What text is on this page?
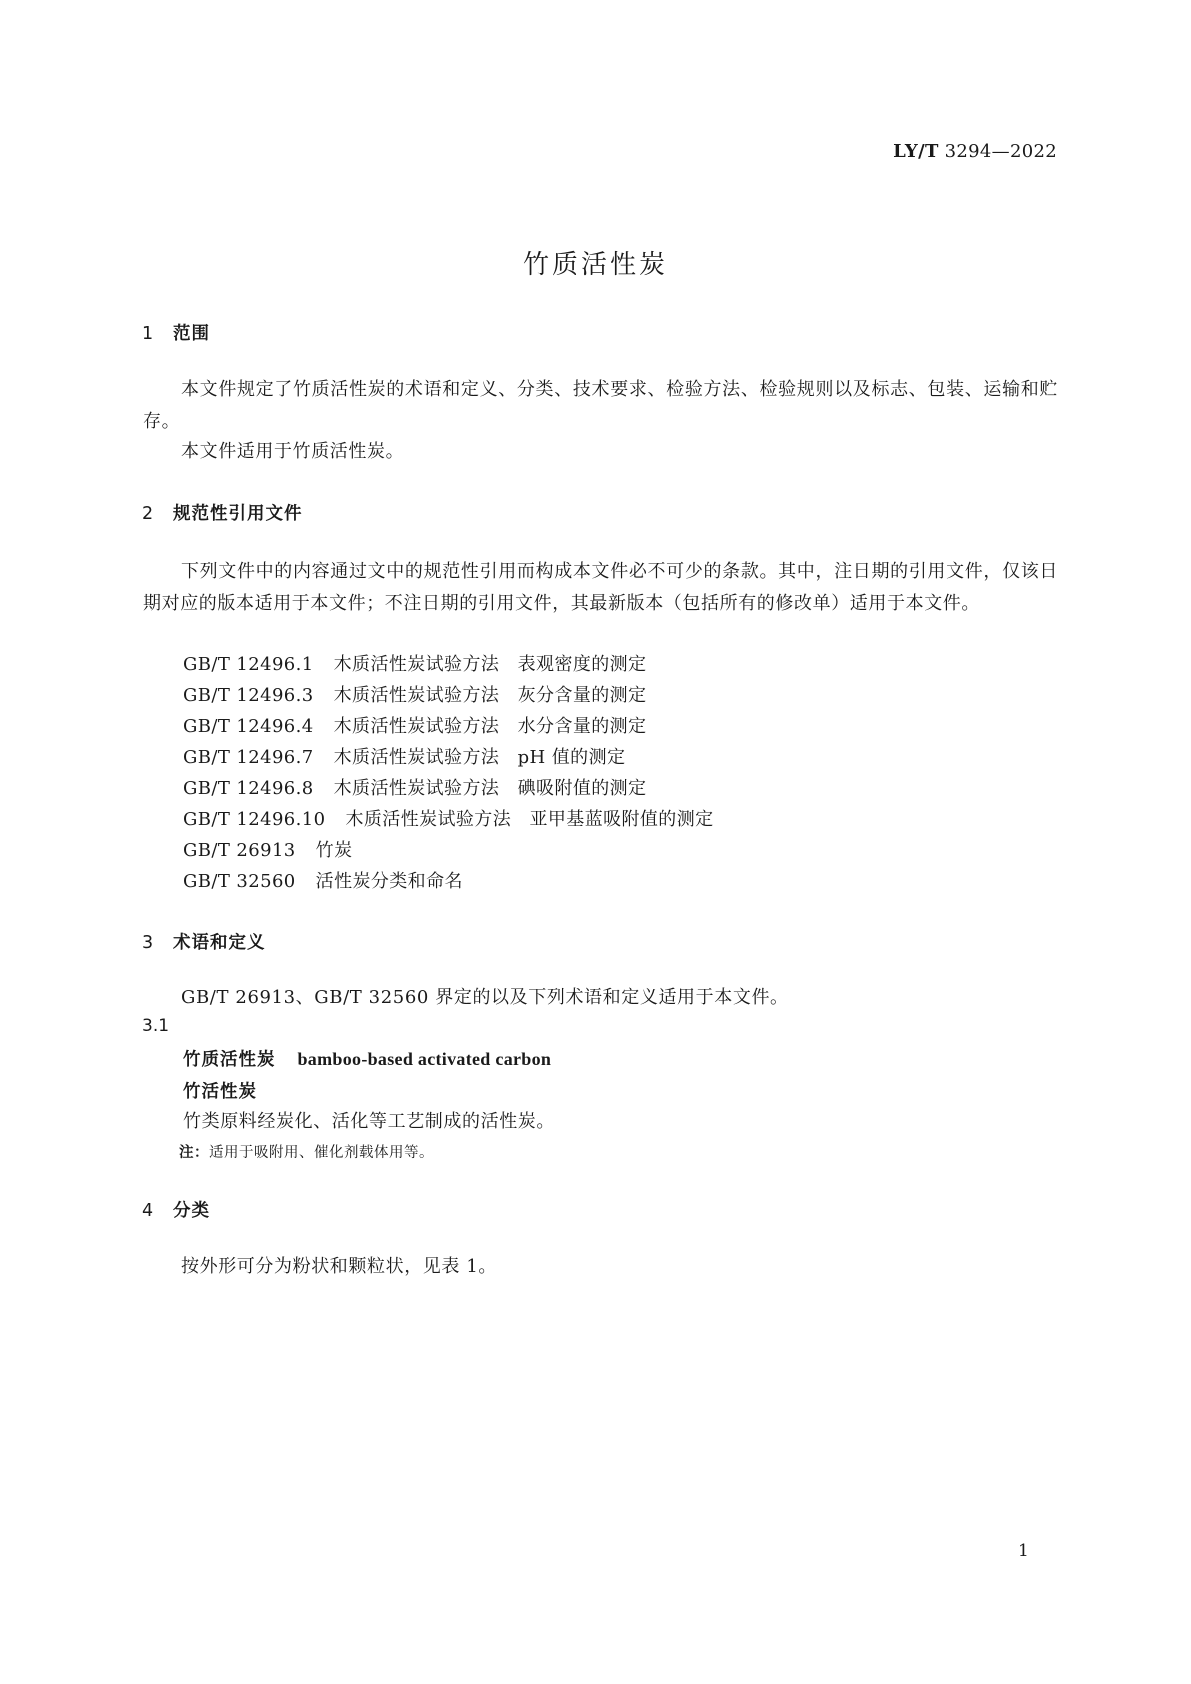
LY/T 3294—2022
竹质活性炭
1 范围
本文件规定了竹质活性炭的术语和定义、分类、技术要求、检验方法、检验规则以及标志、包装、运输和贮存。
本文件适用于竹质活性炭。
2 规范性引用文件
下列文件中的内容通过文中的规范性引用而构成本文件必不可少的条款。其中，注日期的引用文件，仅该日期对应的版本适用于本文件；不注日期的引用文件，其最新版本（包括所有的修改单）适用于本文件。
GB/T 12496.1 木质活性炭试验方法　表观密度的测定
GB/T 12496.3 木质活性炭试验方法　灰分含量的测定
GB/T 12496.4 木质活性炭试验方法　水分含量的测定
GB/T 12496.7 木质活性炭试验方法　pH 值的测定
GB/T 12496.8 木质活性炭试验方法　碘吸附值的测定
GB/T 12496.10 木质活性炭试验方法　亚甲基蓝吸附值的测定
GB/T 26913 竹炭
GB/T 32560 活性炭分类和命名
3 术语和定义
GB/T 26913、GB/T 32560 界定的以及下列术语和定义适用于本文件。
3.1
竹质活性炭 bamboo-based activated carbon
竹活性炭
竹类原料经炭化、活化等工艺制成的活性炭。
注：适用于吸附用、催化剂载体用等。
4 分类
按外形可分为粉状和颗粒状，见表 1。
1
